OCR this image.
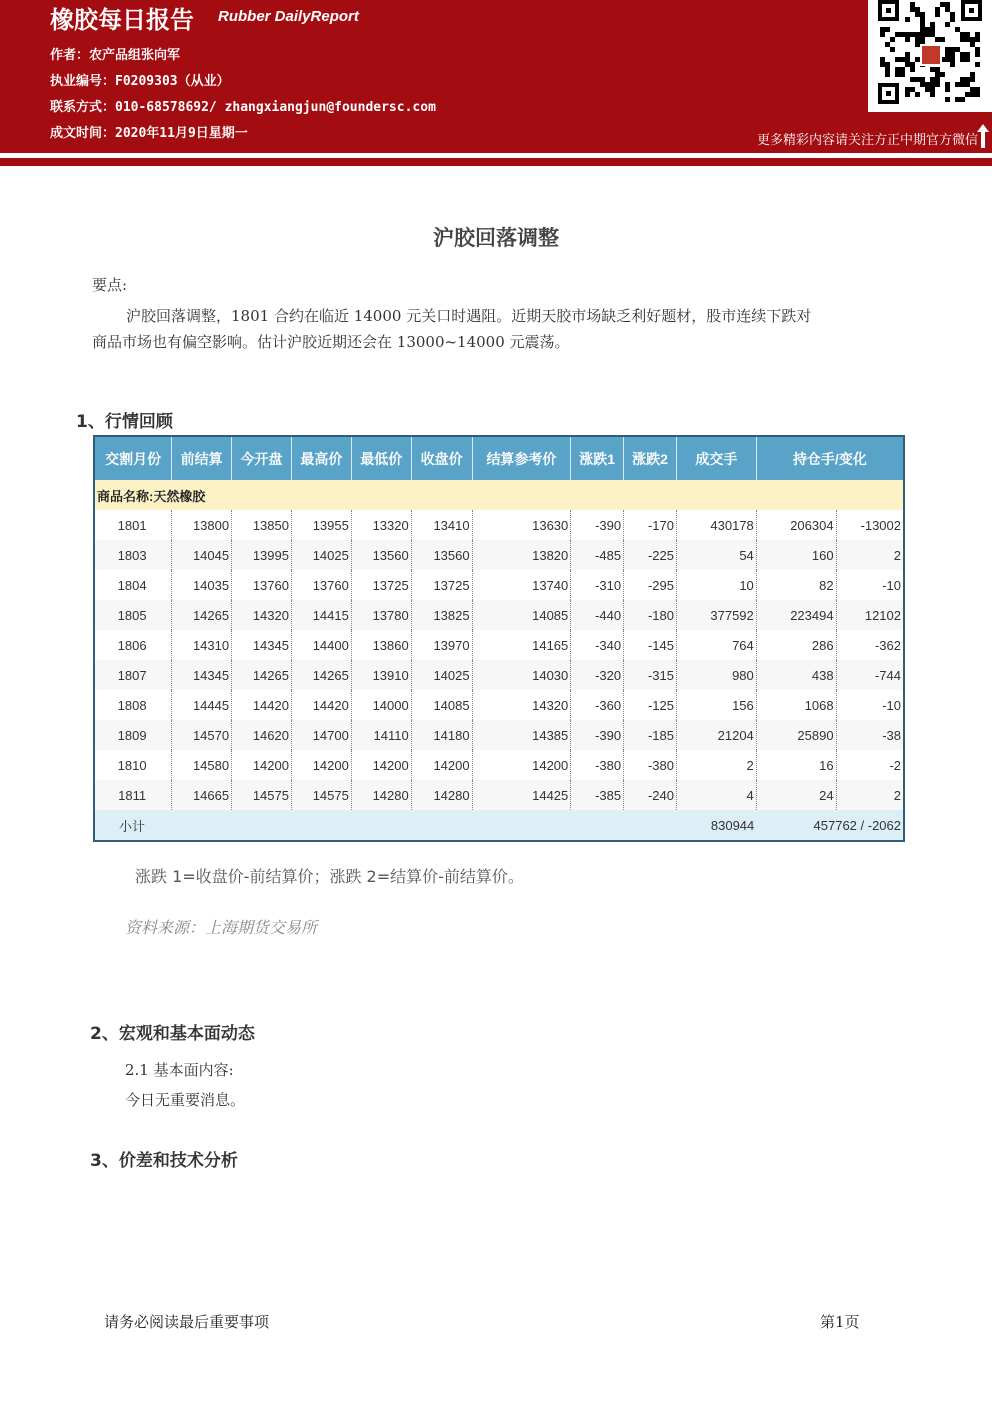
橡胶每日报告 Rubber DailyReport
作者：农产品组张向军
执业编号：F0209303（从业）
联系方式：010-68578692/ zhangxiangjun@foundersc.com
成文时间：2020年11月9日星期一	更多精彩内容请关注方正中期官方微信
沪胶回落调整
要点:
沪胶回落调整，1801 合约在临近 14000 元关口时遇阻。近期天胶市场缺乏利好题材，股市连续下跌对
商品市场也有偏空影响。估计沪胶近期还会在 13000~14000 元震荡。
1、行情回顾
交割月份	前结算	今开盘	最高价	最低价	收盘价	结算参考价	涨跌1	涨跌2	成交手	持仓手/变化	
商品名称:天然橡胶											
1801	13800	13850	13955	13320	13410	13630	-390	-170	430178	206304	-13002
1803	14045	13995	14025	13560	13560	13820	-485	-225	54	160	2
1804	14035	13760	13760	13725	13725	13740	-310	-295	10	82	-10
1805	14265	14320	14415	13780	13825	14085	-440	-180	377592	223494	12102
1806	14310	14345	14400	13860	13970	14165	-340	-145	764	286	-362
1807	14345	14265	14265	13910	14025	14030	-320	-315	980	438	-744
1808	14445	14420	14420	14000	14085	14320	-360	-125	156	1068	-10
1809	14570	14620	14700	14110	14180	14385	-390	-185	21204	25890	-38
1810	14580	14200	14200	14200	14200	14200	-380	-380	2	16	-2
1811	14665	14575	14575	14280	14280	14425	-385	-240	4	24	2
小计									830944	457762 / -2062	
涨跌 1=收盘价-前结算价；涨跌 2=结算价-前结算价。
资料来源：上海期货交易所
2、宏观和基本面动态
2.1 基本面内容:
今日无重要消息。
3、价差和技术分析
请务必阅读最后重要事项	第1页
